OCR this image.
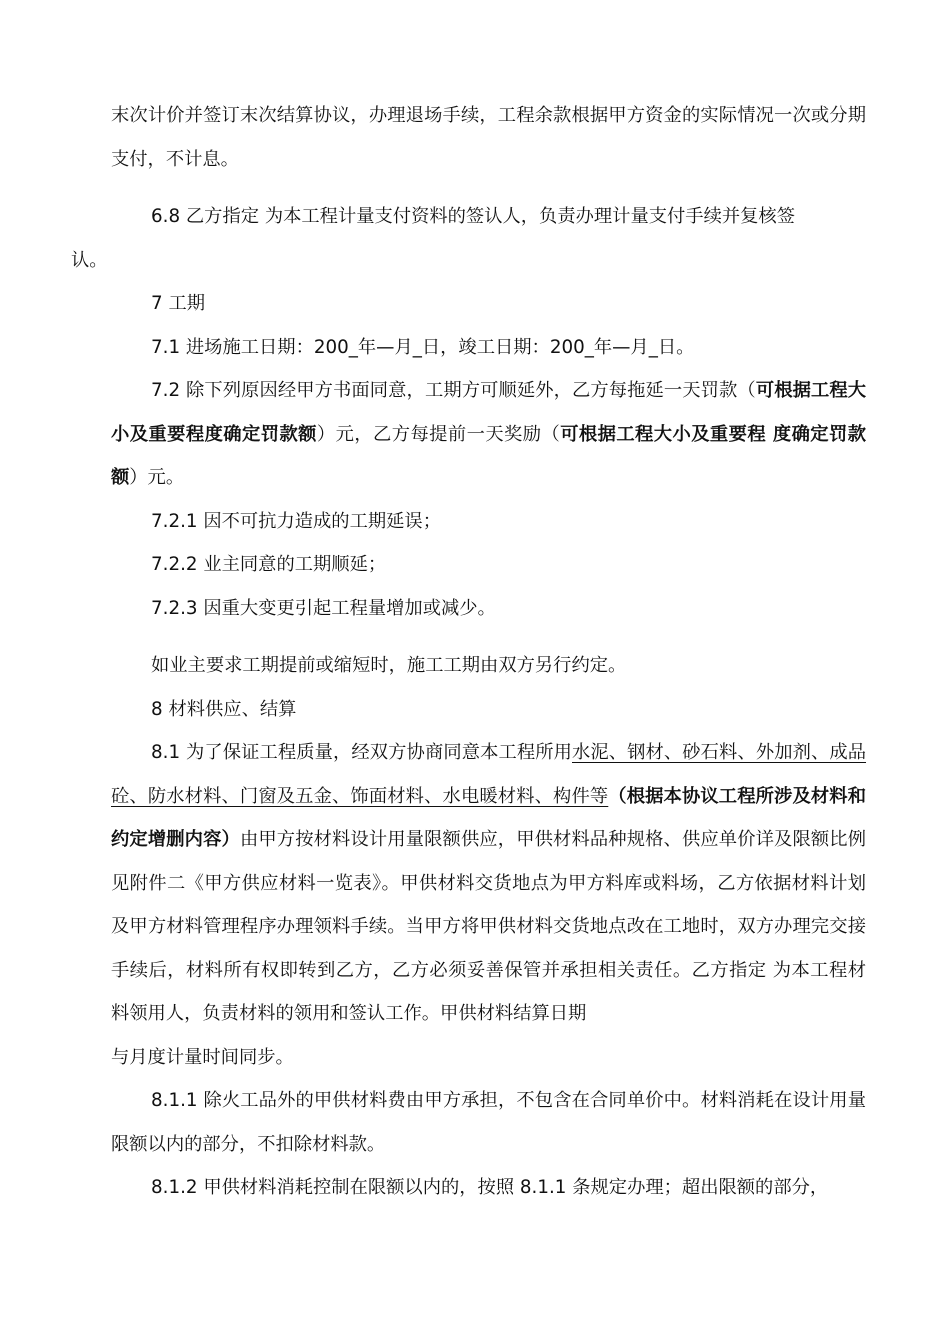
末次计价并签订末次结算协议，办理退场手续，工程余款根据甲方资金的实际情况一次或分期支付，不计息。

6.8 乙方指定 为本工程计量支付资料的签认人，负责办理计量支付手续并复核签
认。

7 工期

7.1 进场施工日期：200_年—月_日，竣工日期：200_年—月_日。

7.2 除下列原因经甲方书面同意，工期方可顺延外，乙方每拖延一天罚款（可根据工程大小及重要程度确定罚款额）元，乙方每提前一天奖励（可根据工程大小及重要程 度确定罚款额）元。

7.2.1 因不可抗力造成的工期延误；

7.2.2 业主同意的工期顺延；

7.2.3 因重大变更引起工程量增加或减少。

如业主要求工期提前或缩短时，施工工期由双方另行约定。

8 材料供应、结算

8.1 为了保证工程质量，经双方协商同意本工程所用水泥、钢材、砂石料、外加剂、成品砼、防水材料、门窗及五金、饰面材料、水电暖材料、构件等（根据本协议工程所涉及材料和约定增删内容）由甲方按材料设计用量限额供应，甲供材料品种规格、供应单价详及限额比例见附件二《甲方供应材料一览表》。甲供材料交货地点为甲方料库或料场，乙方依据材料计划及甲方材料管理程序办理领料手续。当甲方将甲供材料交货地点改在工地时，双方办理完交接手续后，材料所有权即转到乙方，乙方必须妥善保管并承担相关责任。乙方指定 为本工程材料领用人，负责材料的领用和签认工作。甲供材料结算日期
与月度计量时间同步。

8.1.1 除火工品外的甲供材料费由甲方承担，不包含在合同单价中。材料消耗在设计用量限额以内的部分，不扣除材料款。

8.1.2 甲供材料消耗控制在限额以内的，按照 8.1.1 条规定办理；超出限额的部分，
